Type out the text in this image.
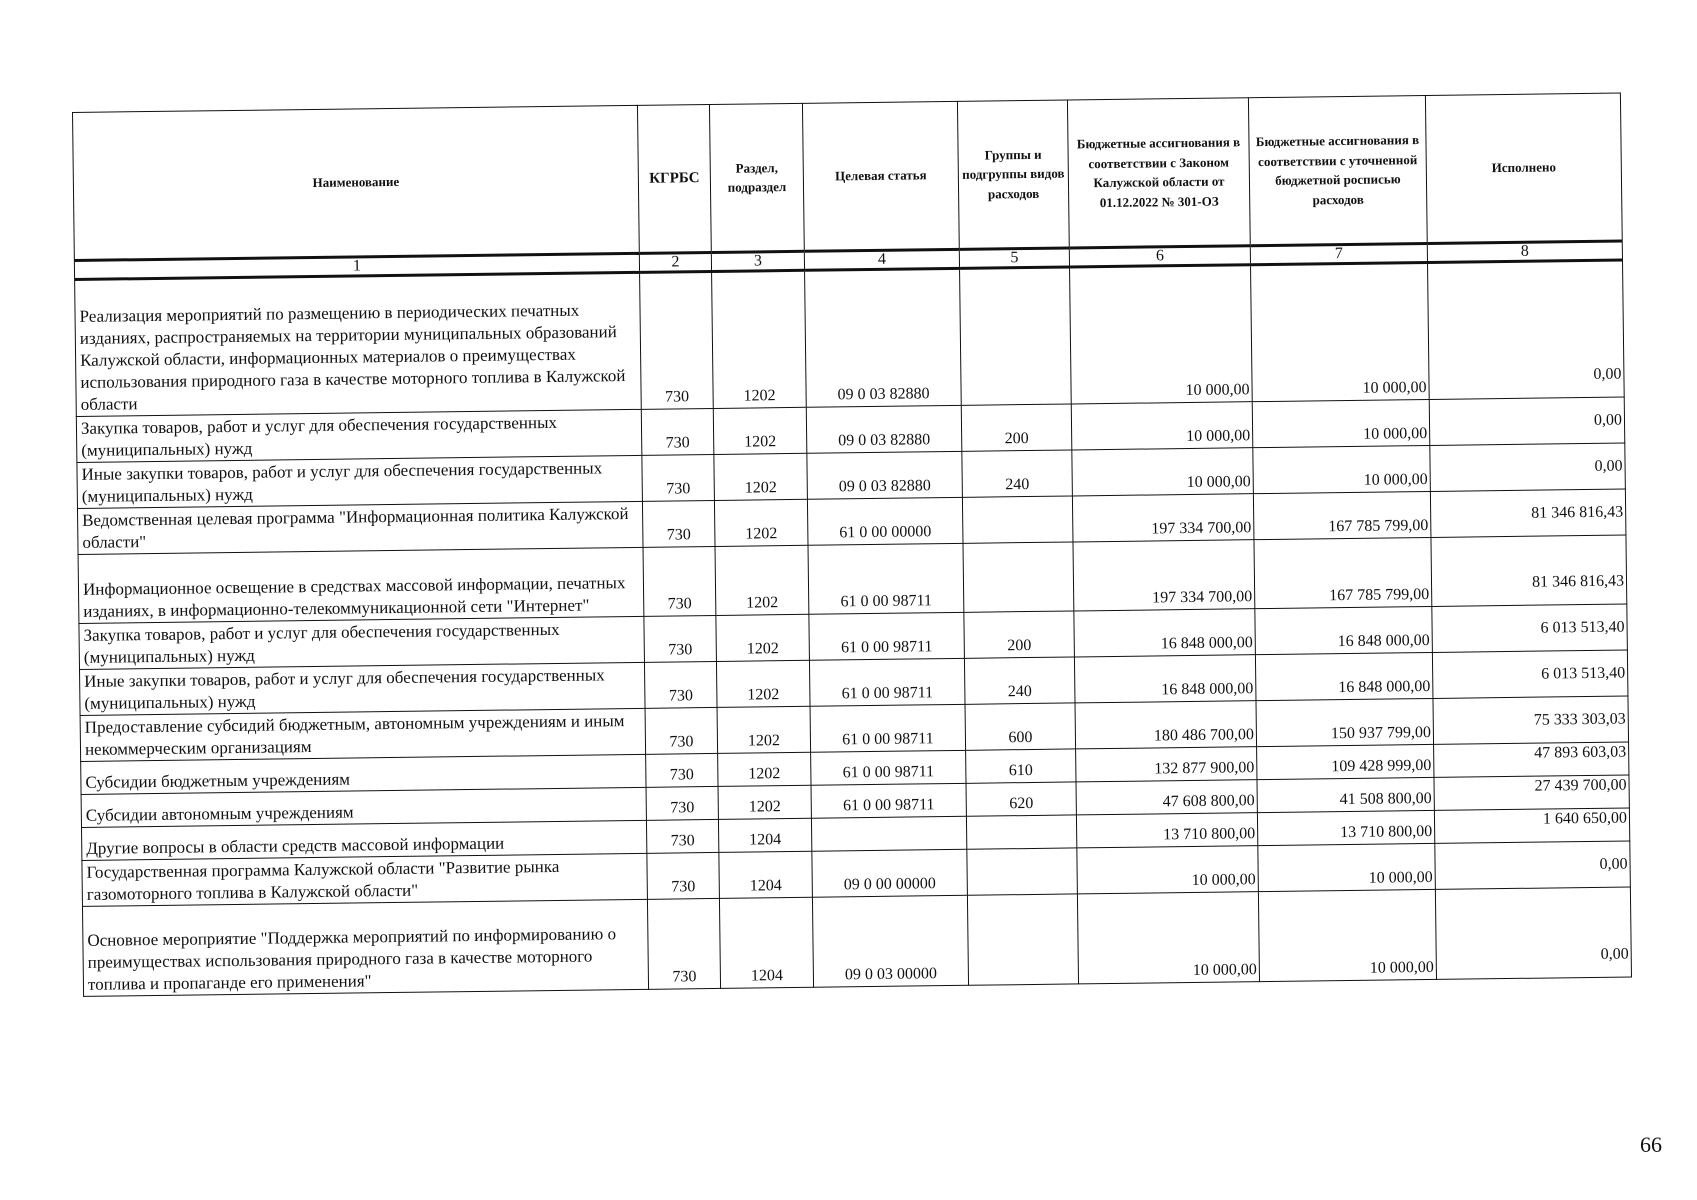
Наименование	КГРБС	Раздел, подраздел	Целевая статья	Группы и подгруппы видов расходов	Бюджетные ассигнования в соответствии с Законом Калужской области от 01.12.2022 № 301-ОЗ	Бюджетные ассигнования в соответствии с уточненной бюджетной росписью расходов	Исполнено
1	2	3	4	5	6	7	8
Реализация мероприятий по размещению в периодических печатных изданиях, распространяемых на территории муниципальных образований Калужской области, информационных материалов о преимуществах использования природного газа в качестве моторного топлива в Калужской области	730	1202	09 0 03 82880		10 000,00	10 000,00	0,00
Закупка товаров, работ и услуг для обеспечения государственных (муниципальных) нужд	730	1202	09 0 03 82880	200	10 000,00	10 000,00	0,00
Иные закупки товаров, работ и услуг для обеспечения государственных (муниципальных) нужд	730	1202	09 0 03 82880	240	10 000,00	10 000,00	0,00
Ведомственная целевая программа "Информационная политика Калужской области"	730	1202	61 0 00 00000		197 334 700,00	167 785 799,00	81 346 816,43
Информационное освещение в средствах массовой информации, печатных изданиях, в информационно-телекоммуникационной сети "Интернет"	730	1202	61 0 00 98711		197 334 700,00	167 785 799,00	81 346 816,43
Закупка товаров, работ и услуг для обеспечения государственных (муниципальных) нужд	730	1202	61 0 00 98711	200	16 848 000,00	16 848 000,00	6 013 513,40
Иные закупки товаров, работ и услуг для обеспечения государственных (муниципальных) нужд	730	1202	61 0 00 98711	240	16 848 000,00	16 848 000,00	6 013 513,40
Предоставление субсидий бюджетным, автономным учреждениям и иным некоммерческим организациям	730	1202	61 0 00 98711	600	180 486 700,00	150 937 799,00	75 333 303,03
Субсидии бюджетным учреждениям	730	1202	61 0 00 98711	610	132 877 900,00	109 428 999,00	47 893 603,03
Субсидии автономным учреждениям	730	1202	61 0 00 98711	620	47 608 800,00	41 508 800,00	27 439 700,00
Другие вопросы в области средств массовой информации	730	1204			13 710 800,00	13 710 800,00	1 640 650,00
Государственная программа Калужской области "Развитие рынка газомоторного топлива в Калужской области"	730	1204	09 0 00 00000		10 000,00	10 000,00	0,00
Основное мероприятие "Поддержка мероприятий по информированию о преимуществах использования природного газа в качестве моторного топлива и пропаганде его применения"	730	1204	09 0 03 00000		10 000,00	10 000,00	0,00
66
